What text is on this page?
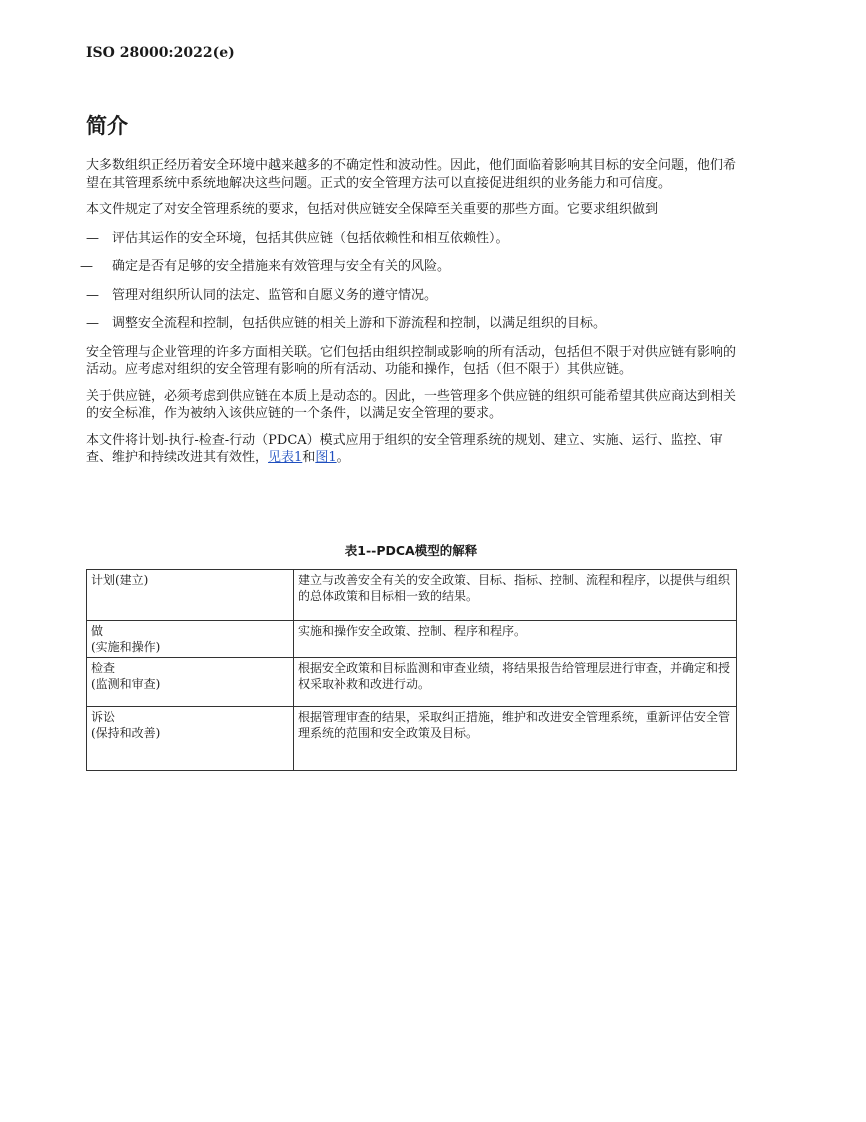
ISO 28000:2022(e)
简介

大多数组织正经历着安全环境中越来越多的不确定性和波动性。因此，他们面临着影响其目标的安全问题，他们希望在其管理系统中系统地解决这些问题。正式的安全管理方法可以直接促进组织的业务能力和可信度。

本文件规定了对安全管理系统的要求，包括对供应链安全保障至关重要的那些方面。它要求组织做到

—	评估其运作的安全环境，包括其供应链（包括依赖性和相互依赖性）。
—	确定是否有足够的安全措施来有效管理与安全有关的风险。
—	管理对组织所认同的法定、监管和自愿义务的遵守情况。
—	调整安全流程和控制，包括供应链的相关上游和下游流程和控制，以满足组织的目标。

安全管理与企业管理的许多方面相关联。它们包括由组织控制或影响的所有活动，包括但不限于对供应链有影响的活动。应考虑对组织的安全管理有影响的所有活动、功能和操作，包括（但不限于）其供应链。

关于供应链，必须考虑到供应链在本质上是动态的。因此，一些管理多个供应链的组织可能希望其供应商达到相关的安全标准，作为被纳入该供应链的一个条件，以满足安全管理的要求。

本文件将计划-执行-检查-行动（PDCA）模式应用于组织的安全管理系统的规划、建立、实施、运行、监控、审查、维护和持续改进其有效性，见表1和图1。

表1--PDCA模型的解释
计划(建立)	建立与改善安全有关的安全政策、目标、指标、控制、流程和程序，以提供与组织的总体政策和目标相一致的结果。

做
(实施和操作)	实施和操作安全政策、控制、程序和程序。

检查
(监测和审查)	根据安全政策和目标监测和审查业绩，将结果报告给管理层进行审查，并确定和授权采取补救和改进行动。

诉讼
(保持和改善)	根据管理审查的结果，采取纠正措施，维护和改进安全管理系统，重新评估安全管理系统的范围和安全政策及目标。
